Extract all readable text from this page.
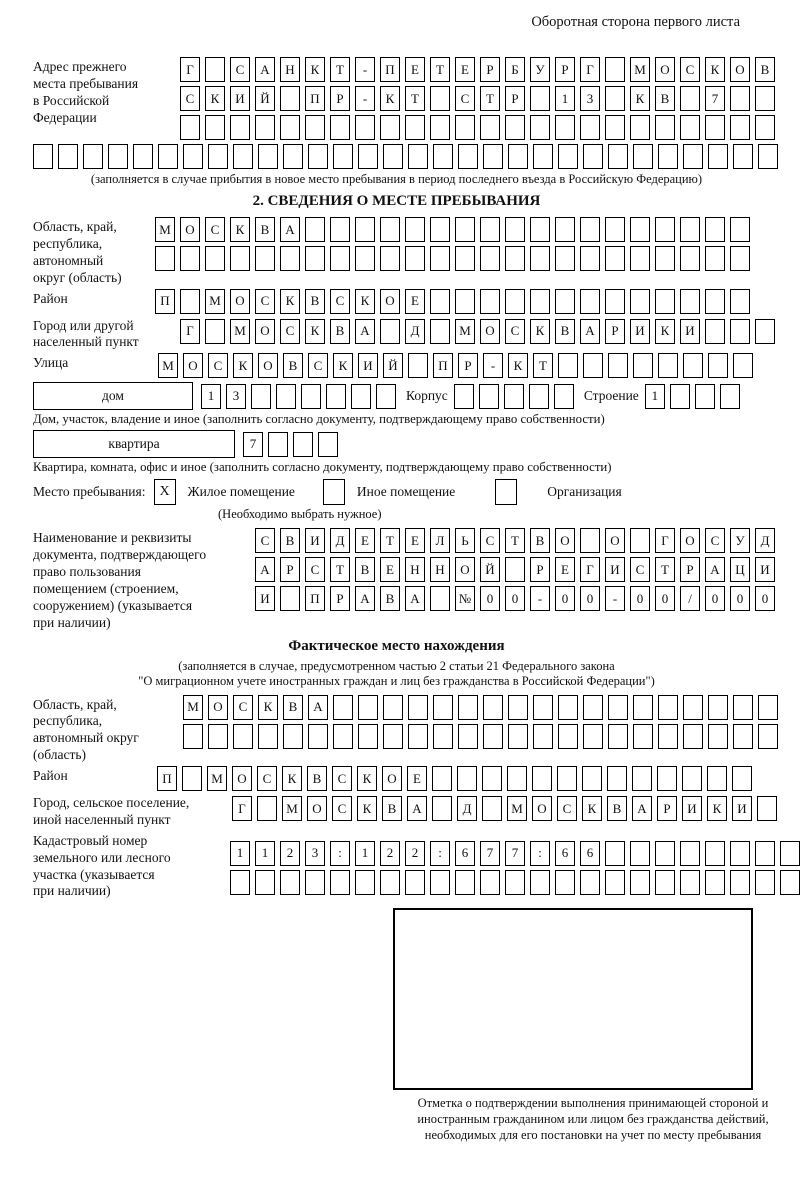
Оборотная сторона первого листа
Адрес прежнего
места пребывания
в Российской
Федерации
Г	С	А	Н	К	Т	-	П	Е	Т	Е	Р	Б	У	Р	Г	М	О	С	К	О	В
С	К	И	Й	П	Р	-	К	Т	С	Т	Р	1	3	К	В	7
(заполняется в случае прибытия в новое место пребывания в период последнего въезда в Российскую Федерацию)
2. СВЕДЕНИЯ О МЕСТЕ ПРЕБЫВАНИЯ
Область, край,
республика,
автономный
округ (область)
М	О	С	К	В	А
Район	П	М	О	С	К	В	С	К	О	Е
Город или другой
населенный пункт
Г	М	О	С	К	В	А	Д	М	О	С	К	В	А	Р	И	К	И
Улица	М	О	С	К	О	В	С	К	И	Й	П	Р	-	К	Т
дом	1	3	Корпус	Строение 1
Дом, участок, владение и иное (заполнить согласно документу, подтверждающему право собственности)
квартира	7
Квартира, комната, офис и иное (заполнить согласно документу, подтверждающему право собственности)
Место пребывания: X	Жилое помещение	Иное помещение	Организация
(Необходимо выбрать нужное)
Наименование и реквизиты
документа, подтверждающего
право пользования
помещением (строением,
сооружением) (указывается
при наличии)
С	В	И	Д	Е	Т	Е	Л	Ь	С	Т	В	О	О	Г	О	С	У	Д
А	Р	С	Т	В	Е	Н	Н	О	Й	Р	Е	Г	И	С	Т	Р	А	Ц	И
И	П	Р	А	В	А	№	0	0	-	0	0	-	0	0	/	0	0	0
Фактическое место нахождения
(заполняется в случае, предусмотренном частью 2 статьи 21 Федерального закона
"О миграционном учете иностранных граждан и лиц без гражданства в Российской Федерации")
Область, край,
республика,
автономный округ
(область)
М	О	С	К	В	А
Район	П	М	О	С	К	В	С	К	О	Е
Город, сельское поселение,
иной населенный пункт
Г	М	О	С	К	В	А	Д	М	О	С	К	В	А	Р	И	К	И
Кадастровый номер
земельного или лесного
участка (указывается
при наличии)
1	1	2	3	:	1	2	2	:	6	7	7	:	6	6
Отметка о подтверждении выполнения принимающей стороной и иностранным гражданином или лицом без гражданства действий, необходимых для его постановки на учет по месту пребывания
